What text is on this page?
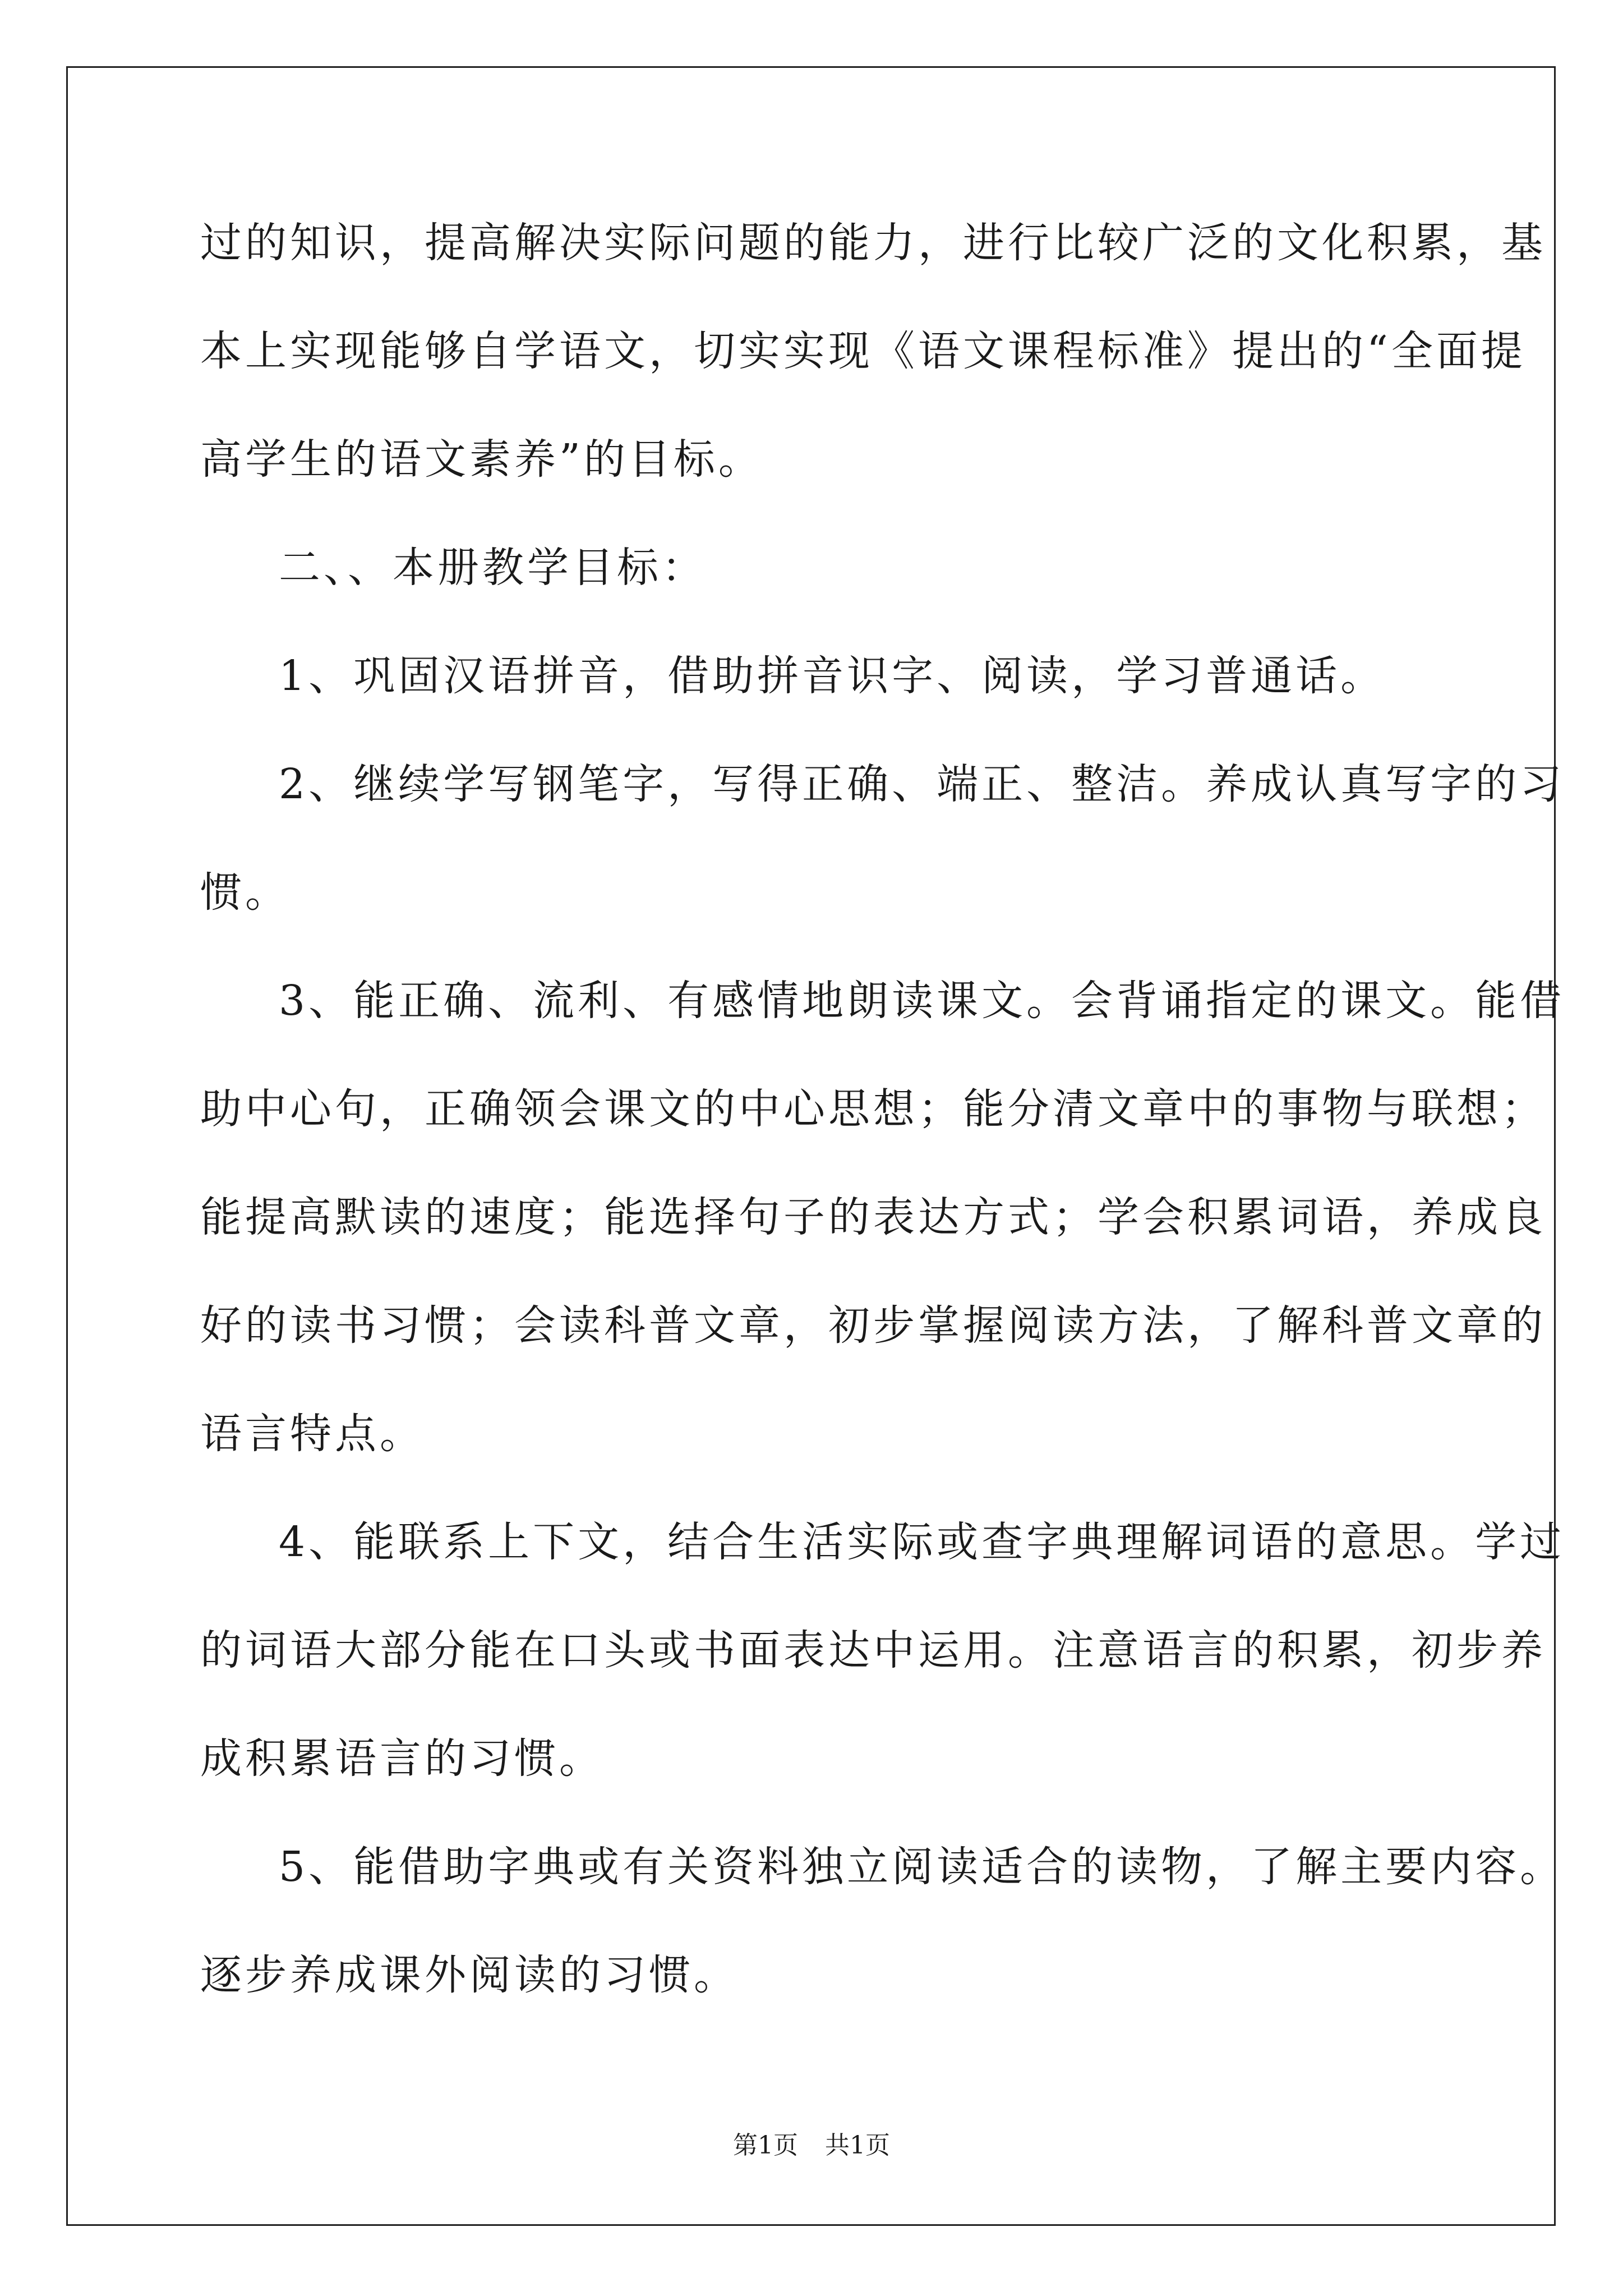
过的知识，提高解决实际问题的能力，进行比较广泛的文化积累，基
本上实现能够自学语文，切实实现《语文课程标准》提出的“全面提
高学生的语文素养”的目标。
二、、本册教学目标：
1、巩固汉语拼音，借助拼音识字、阅读，学习普通话。
2、继续学写钢笔字，写得正确、端正、整洁。养成认真写字的习
惯。
3、能正确、流利、有感情地朗读课文。会背诵指定的课文。能借
助中心句，正确领会课文的中心思想；能分清文章中的事物与联想；
能提高默读的速度；能选择句子的表达方式；学会积累词语，养成良
好的读书习惯；会读科普文章，初步掌握阅读方法，了解科普文章的
语言特点。
4、能联系上下文，结合生活实际或查字典理解词语的意思。学过
的词语大部分能在口头或书面表达中运用。注意语言的积累，初步养
成积累语言的习惯。
5、能借助字典或有关资料独立阅读适合的读物，了解主要内容。
逐步养成课外阅读的习惯。
第1页 共1页
